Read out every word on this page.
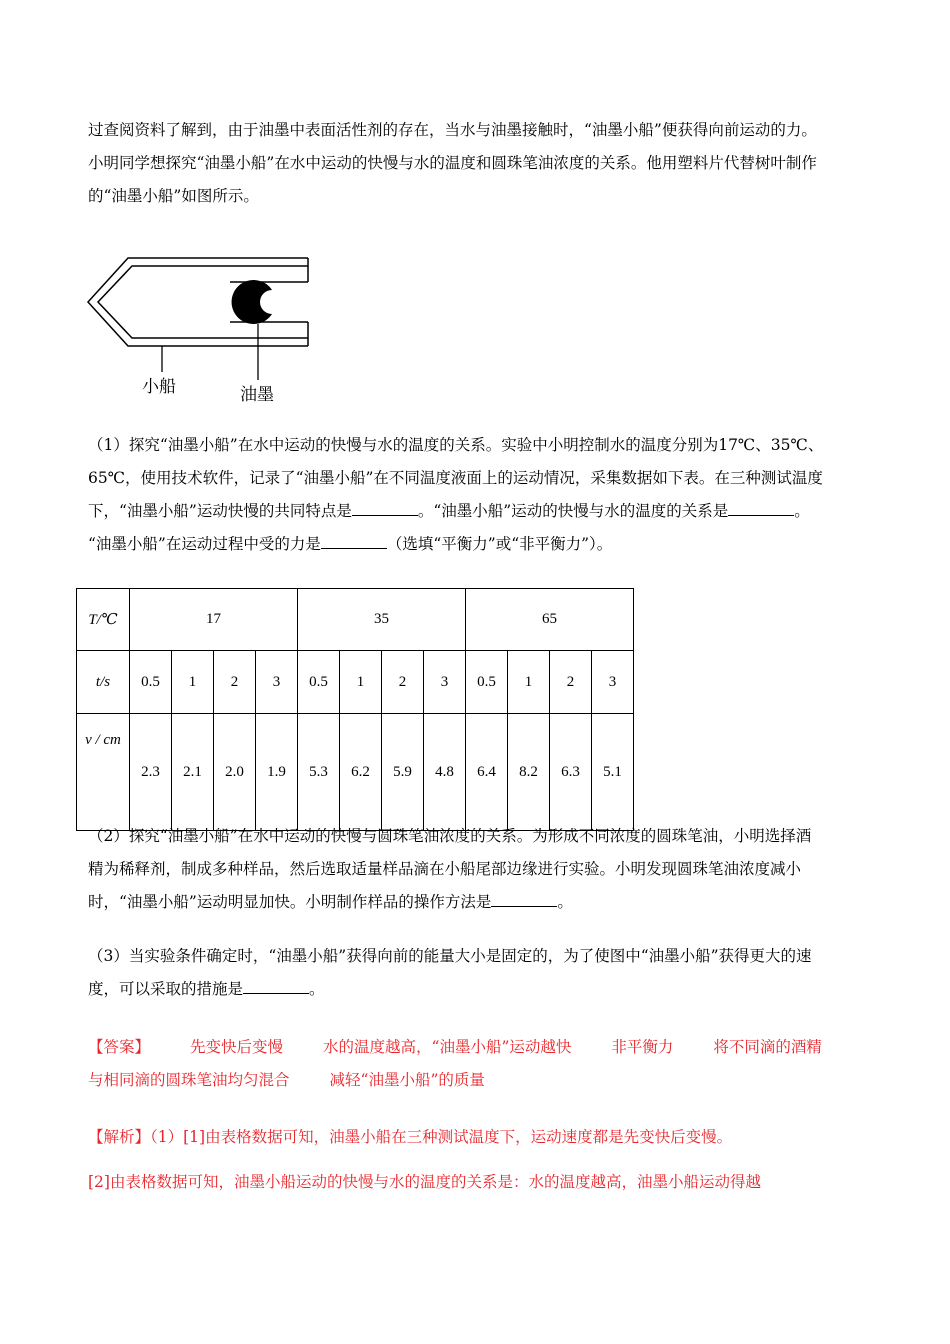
过查阅资料了解到，由于油墨中表面活性剂的存在，当水与油墨接触时，“油墨小船”便获得向前运动的力。
小明同学想探究“油墨小船”在水中运动的快慢与水的温度和圆珠笔油浓度的关系。他用塑料片代替树叶制作
的“油墨小船”如图所示。

小船	油墨

（1）探究“油墨小船”在水中运动的快慢与水的温度的关系。实验中小明控制水的温度分别为17℃、35℃、
65℃，使用技术软件，记录了“油墨小船”在不同温度液面上的运动情况，采集数据如下表。在三种测试温度
下，“油墨小船”运动快慢的共同特点是	。“油墨小船”运动的快慢与水的温度的关系是	。
“油墨小船”在运动过程中受的力是	（选填“平衡力”或“非平衡力”）。

T/℃	17				35				65			
t/s	0.5	1	2	3	0.5	1	2	3	0.5	1	2	3
v / cm	2.3	2.1	2.0	1.9	5.3	6.2	5.9	4.8	6.4	8.2	6.3	5.1

（2）探究“油墨小船”在水中运动的快慢与圆珠笔油浓度的关系。为形成不同浓度的圆珠笔油，小明选择酒
精为稀释剂，制成多种样品，然后选取适量样品滴在小船尾部边缘进行实验。小明发现圆珠笔油浓度减小
时，“油墨小船”运动明显加快。小明制作样品的操作方法是	。

（3）当实验条件确定时，“油墨小船”获得向前的能量大小是固定的，为了使图中“油墨小船”获得更大的速
度，可以采取的措施是	。

【答案】	先变快后变慢	水的温度越高，“油墨小船”运动越快	非平衡力	将不同滴的酒精
与相同滴的圆珠笔油均匀混合	减轻“油墨小船”的质量

【解析】（1）[1]由表格数据可知，油墨小船在三种测试温度下，运动速度都是先变快后变慢。

[2]由表格数据可知，油墨小船运动的快慢与水的温度的关系是：水的温度越高，油墨小船运动得越
